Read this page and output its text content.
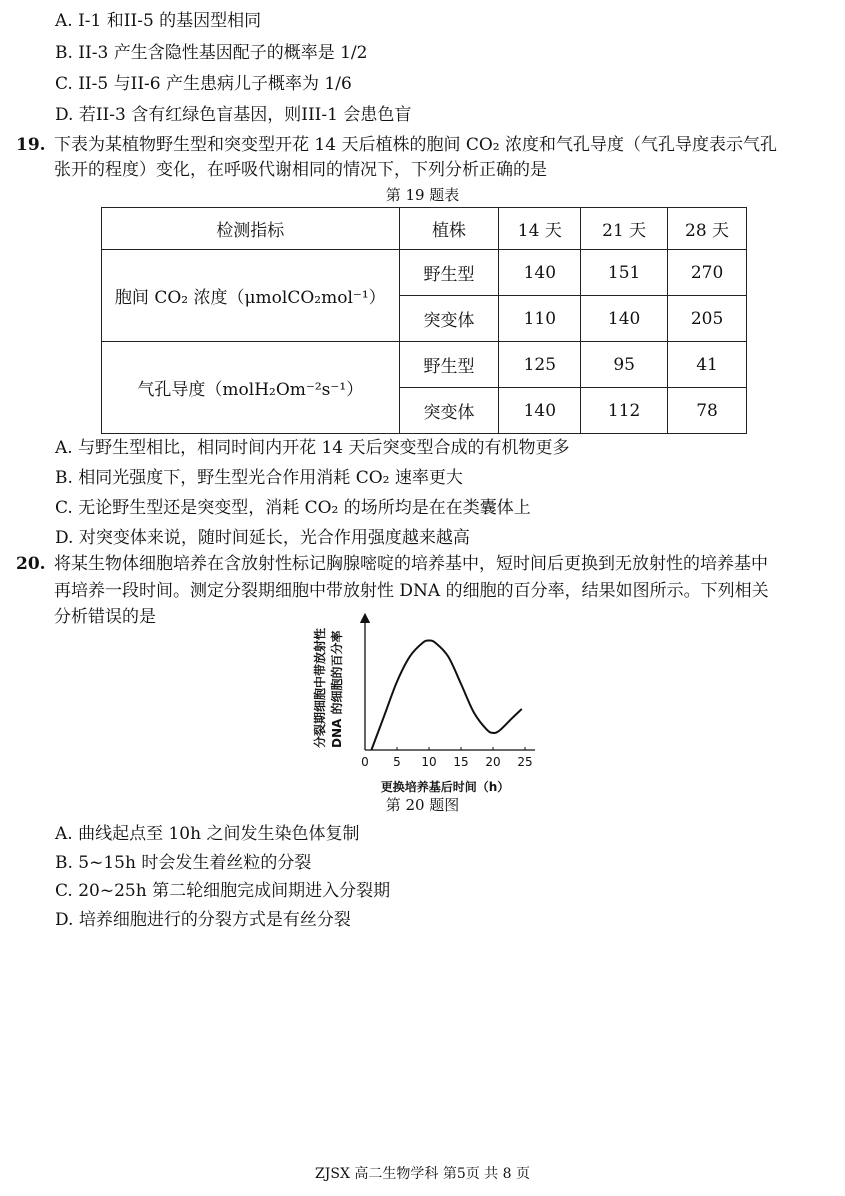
A. I-1 和II-5 的基因型相同
B. II-3 产生含隐性基因配子的概率是 1/2
C. II-5 与II-6 产生患病儿子概率为 1/6
D. 若II-3 含有红绿色盲基因，则III-1 会患色盲
19. 下表为某植物野生型和突变型开花 14 天后植株的胞间 CO₂ 浓度和气孔导度（气孔导度表示气孔
张开的程度）变化，在呼吸代谢相同的情况下，下列分析正确的是
第 19 题表
检测指标	植株	14 天	21 天	28 天
胞间 CO₂ 浓度（μmolCO₂mol⁻¹）	野生型	140	151	270
	突变体	110	140	205
气孔导度（molH₂Om⁻²s⁻¹）	野生型	125	95	41
	突变体	140	112	78
A. 与野生型相比，相同时间内开花 14 天后突变型合成的有机物更多
B. 相同光强度下，野生型光合作用消耗 CO₂ 速率更大
C. 无论野生型还是突变型，消耗 CO₂ 的场所均是在在类囊体上
D. 对突变体来说，随时间延长，光合作用强度越来越高
20. 将某生物体细胞培养在含放射性标记胸腺嘧啶的培养基中，短时间后更换到无放射性的培养基中
再培养一段时间。测定分裂期细胞中带放射性 DNA 的细胞的百分率，结果如图所示。下列相关
分析错误的是
分裂期细胞中带放射性 DNA 的细胞的百分率
0 5 10 15 20 25
更换培养基后时间（h）
第 20 题图
A. 曲线起点至 10h 之间发生染色体复制
B. 5~15h 时会发生着丝粒的分裂
C. 20~25h 第二轮细胞完成间期进入分裂期
D. 培养细胞进行的分裂方式是有丝分裂
ZJSX 高二生物学科 第5页 共 8 页
